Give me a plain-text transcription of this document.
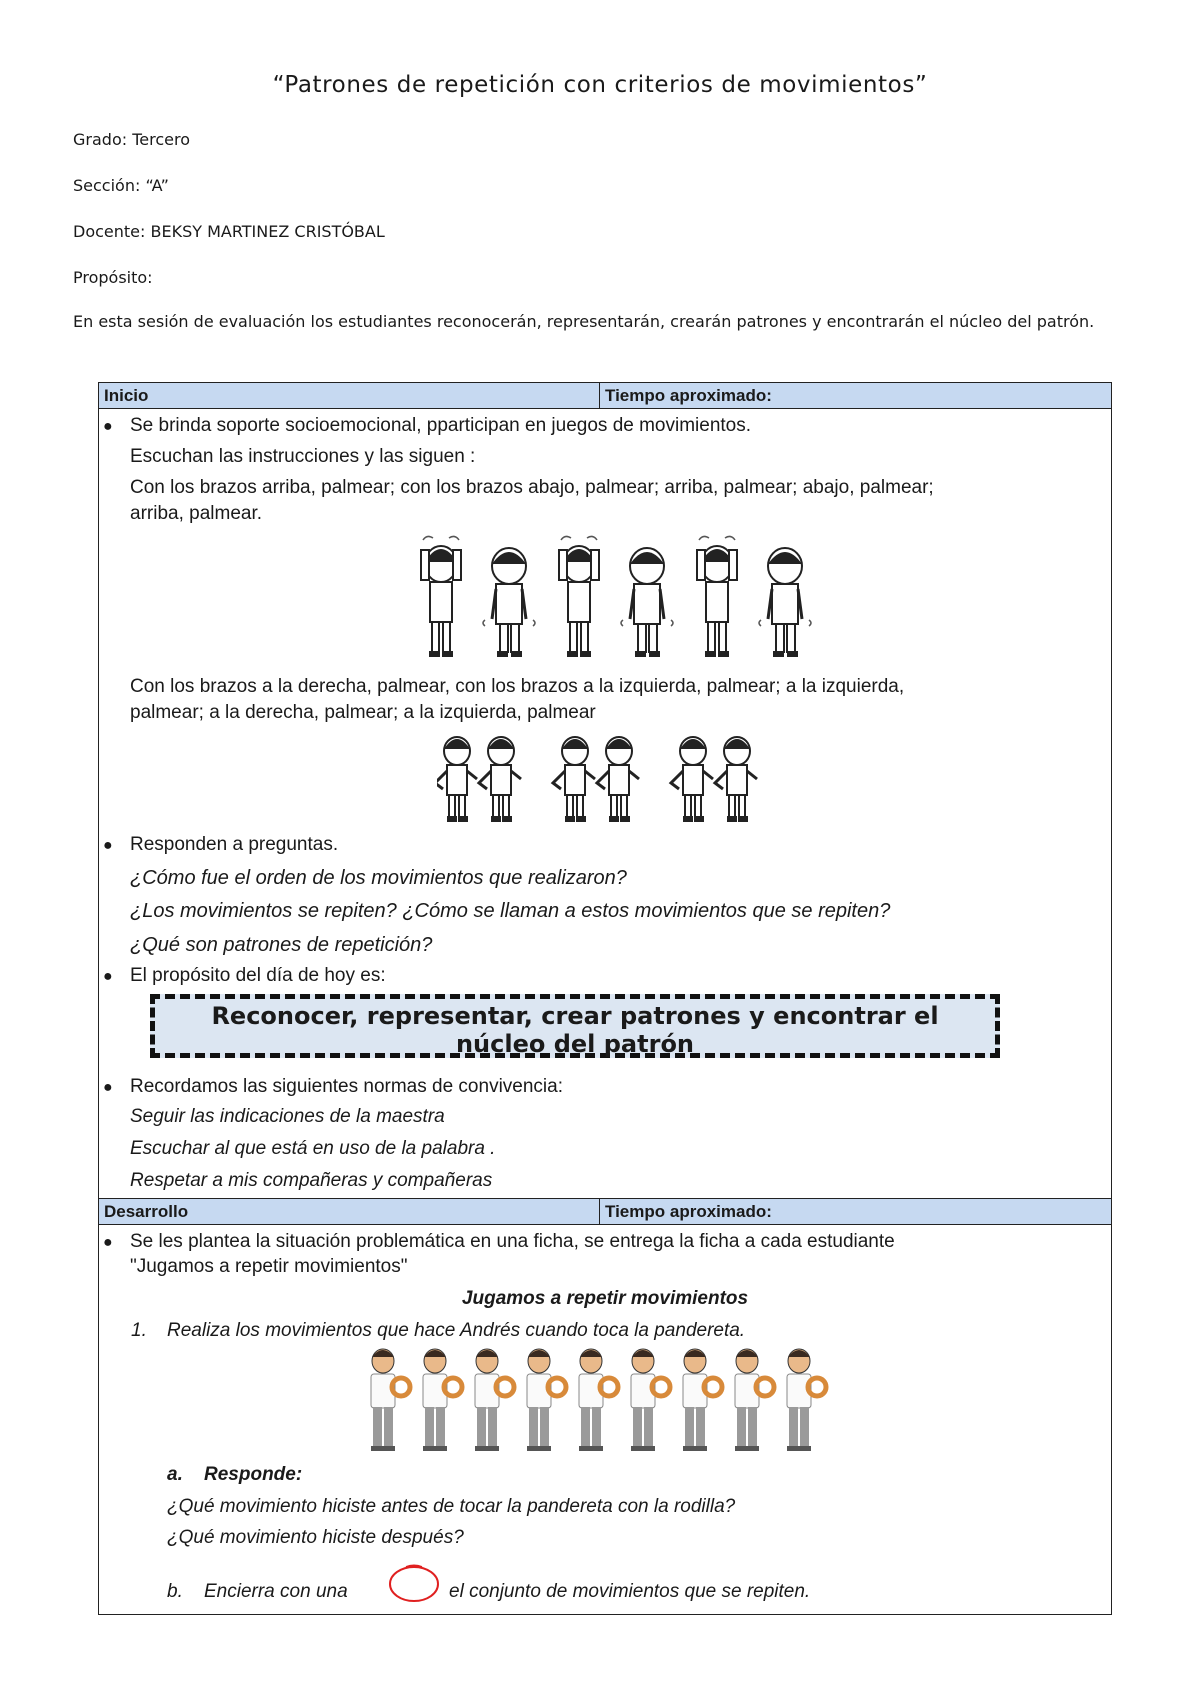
“Patrones de repetición con criterios de movimientos”
Grado: Tercero
Sección: “A”
Docente: BEKSY MARTINEZ CRISTÓBAL
Propósito:
En esta sesión de evaluación los estudiantes reconocerán, representarán, crearán patrones y encontrarán el núcleo del patrón.
Inicio	Tiempo aproximado:
● Se brinda soporte socioemocional, pparticipan en juegos de movimientos.
Escuchan las instrucciones y las siguen :
Con los brazos arriba, palmear; con los brazos abajo, palmear; arriba, palmear; abajo, palmear;
arriba, palmear.
Con los brazos a la derecha, palmear, con los brazos a la izquierda, palmear; a la izquierda,
palmear; a la derecha, palmear; a la izquierda, palmear
● Responden a preguntas.
¿Cómo fue el orden de los movimientos que realizaron?
¿Los movimientos se repiten? ¿Cómo se llaman a estos movimientos que se repiten?
¿Qué son patrones de repetición?
● El propósito del día de hoy es:
● Recordamos las siguientes normas de convivencia:
Seguir las indicaciones de la maestra
Escuchar al que está en uso de la palabra .
Respetar a mis compañeras y compañeras
Desarrollo	Tiempo aproximado:
● Se les plantea la situación problemática en una ficha, se entrega la ficha a cada estudiante
"Jugamos a repetir movimientos"
Jugamos a repetir movimientos
1. Realiza los movimientos que hace Andrés cuando toca la pandereta.
a. Responde:
¿Qué movimiento hiciste antes de tocar la pandereta con la rodilla?
¿Qué movimiento hiciste después?
b. Encierra con una	el conjunto de movimientos que se repiten.
Reconocer, representar, crear patrones y encontrar el
núcleo del patrón
